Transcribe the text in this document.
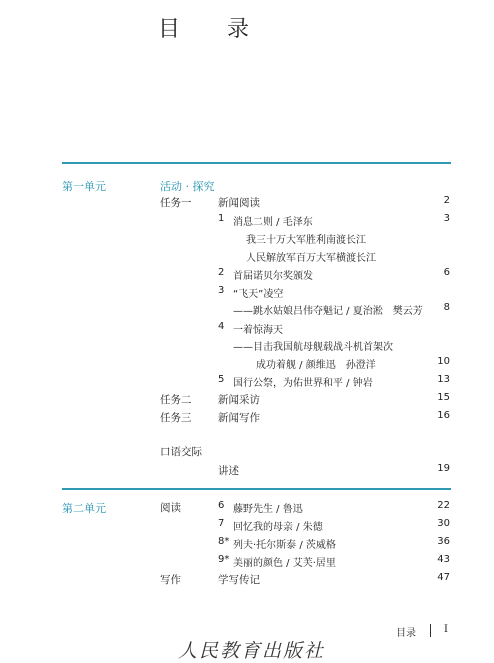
目 录
第一单元	活动 · 探究
任务一	新闻阅读	2
1 消息二则 / 毛泽东	3
我三十万大军胜利南渡长江
人民解放军百万大军横渡长江
2 首届诺贝尔奖颁发	6
3 “飞天”凌空
——跳水姑娘吕伟夺魁记 / 夏治淞　樊云芳 8
4 一着惊海天
——目击我国航母舰载战斗机首架次
成功着舰 / 颜维迅　孙澄洋	10
5 国行公祭，为佑世界和平 / 钟岩	13
任务二	新闻采访	15
任务三	新闻写作	16
口语交际
讲述	19
第二单元	阅读	6 藤野先生 / 鲁迅	22
7 回忆我的母亲 / 朱德	30
8* 列夫·托尔斯泰 / 茨威格	36
9* 美丽的颜色 / 艾芙·居里	43
写作	学写传记	47
目录	I
人民教育出版社
